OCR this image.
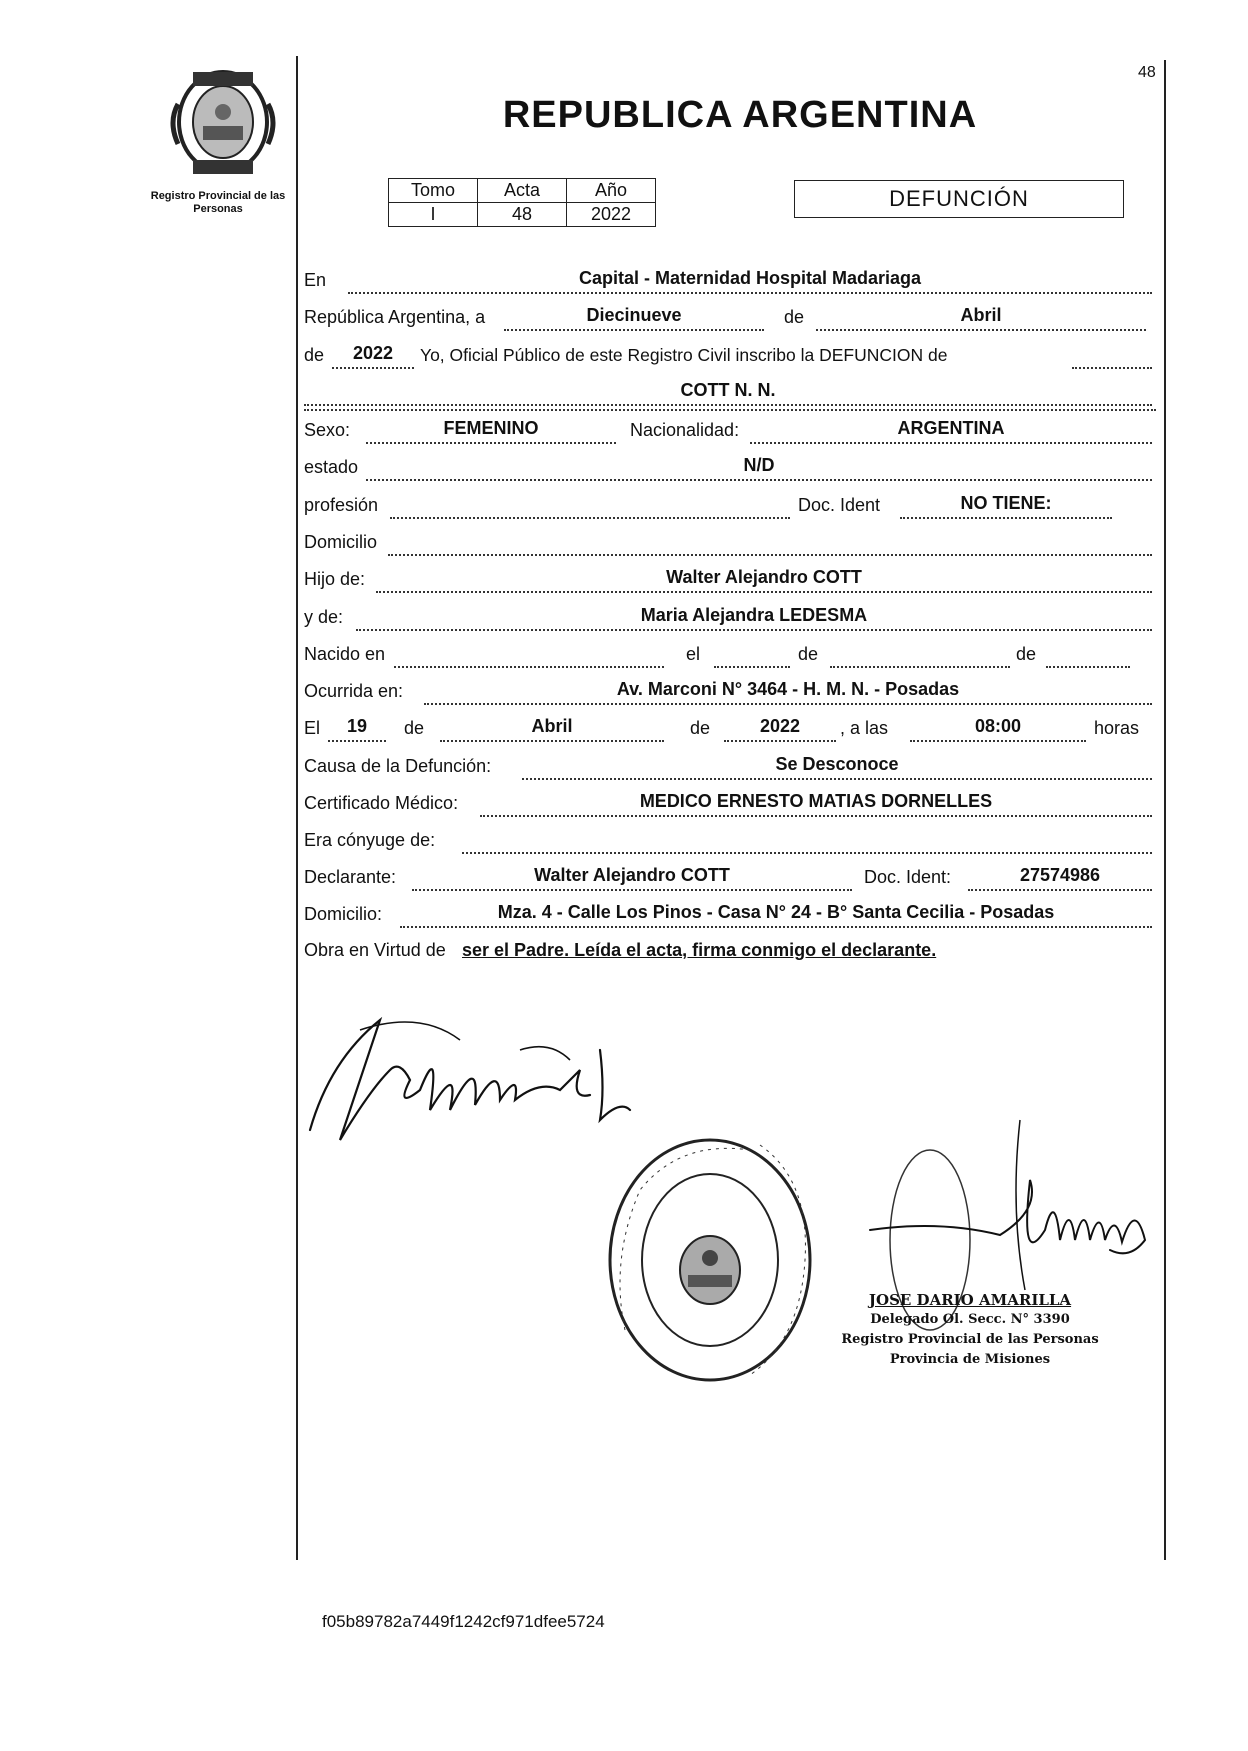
Registro Provincial de las Personas
48
REPUBLICA ARGENTINA
Tomo	Acta	Año
I	48	2022
DEFUNCIÓN
En	Capital - Maternidad Hospital Madariaga
República Argentina, a	Diecinueve	de	Abril
de	2022	Yo, Oficial Público de este Registro Civil inscribo la DEFUNCION de
COTT N. N.
Sexo:	FEMENINO	Nacionalidad:	ARGENTINA
estado	N/D
profesión	Doc. Ident	NO TIENE:
Domicilio
Hijo de:	Walter Alejandro COTT
y de:	Maria Alejandra LEDESMA
Nacido en	el	de	de
Ocurrida en:	Av. Marconi N° 3464 - H. M. N. - Posadas
El	19	de	Abril	de	2022	, a las	08:00	horas
Causa de la Defunción:	Se Desconoce
Certificado Médico:	MEDICO ERNESTO MATIAS DORNELLES
Era cónyuge de:
Declarante:	Walter Alejandro COTT	Doc. Ident:	27574986
Domicilio:	Mza. 4 - Calle Los Pinos - Casa N° 24 - B° Santa Cecilia - Posadas
Obra en Virtud de ser el Padre. Leída el acta, firma conmigo el declarante.
JOSE DARIO AMARILLA
Delegado Ol. Secc. N° 3390
Registro Provincial de las Personas
Provincia de Misiones
f05b89782a7449f1242cf971dfee5724
